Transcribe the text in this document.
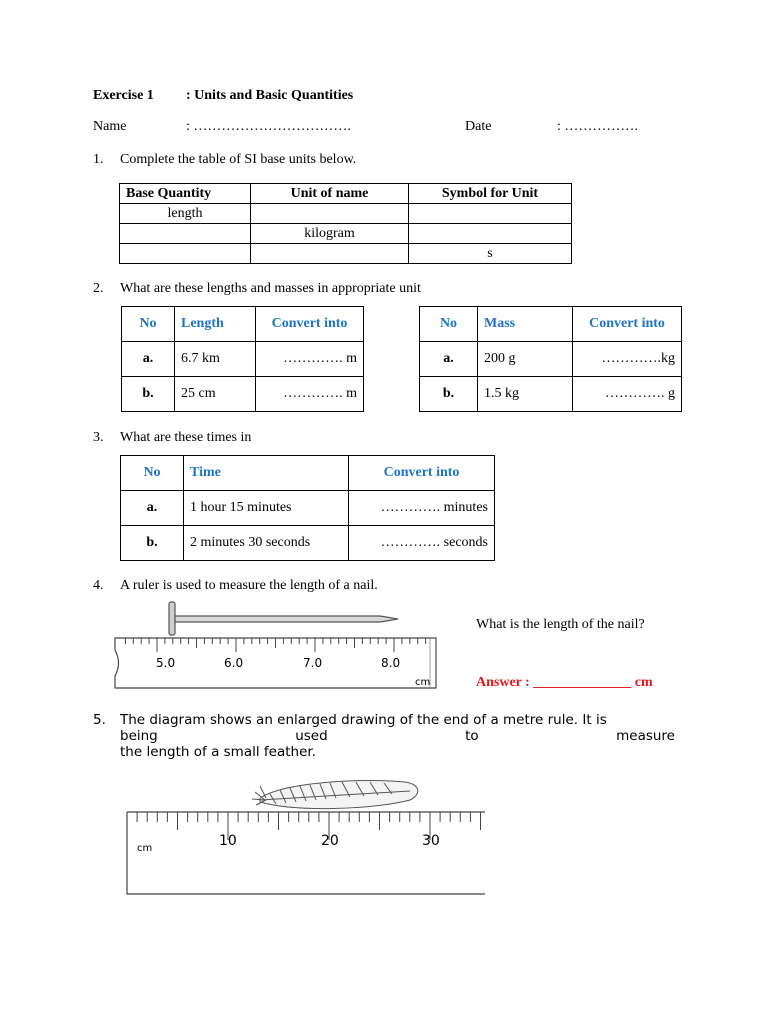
Exercise 1 : Units and Basic Quantities
Name	: …………………………….	Date	: …………….
1. Complete the table of SI base units below.
Base Quantity	Unit of name	Symbol for Unit
length		
	kilogram	
		s
2. What are these lengths and masses in appropriate unit
No	Length	Convert into
a.	6.7 km	…………. m
b.	25 cm	…………. m
No	Mass	Convert into
a.	200 g	………….kg
b.	1.5 kg	…………. g
3. What are these times in
No	Time	Convert into
a.	1 hour 15 minutes	…………. minutes
b.	2 minutes 30 seconds	…………. seconds
4. A ruler is used to measure the length of a nail.
What is the length of the nail?
Answer : ______________ cm
5.0	6.0	7.0	8.0
cm
5. The diagram shows an enlarged drawing of the end of a metre rule. It is
being	used	to	measure
the length of a small feather.
cm	10	20	30
